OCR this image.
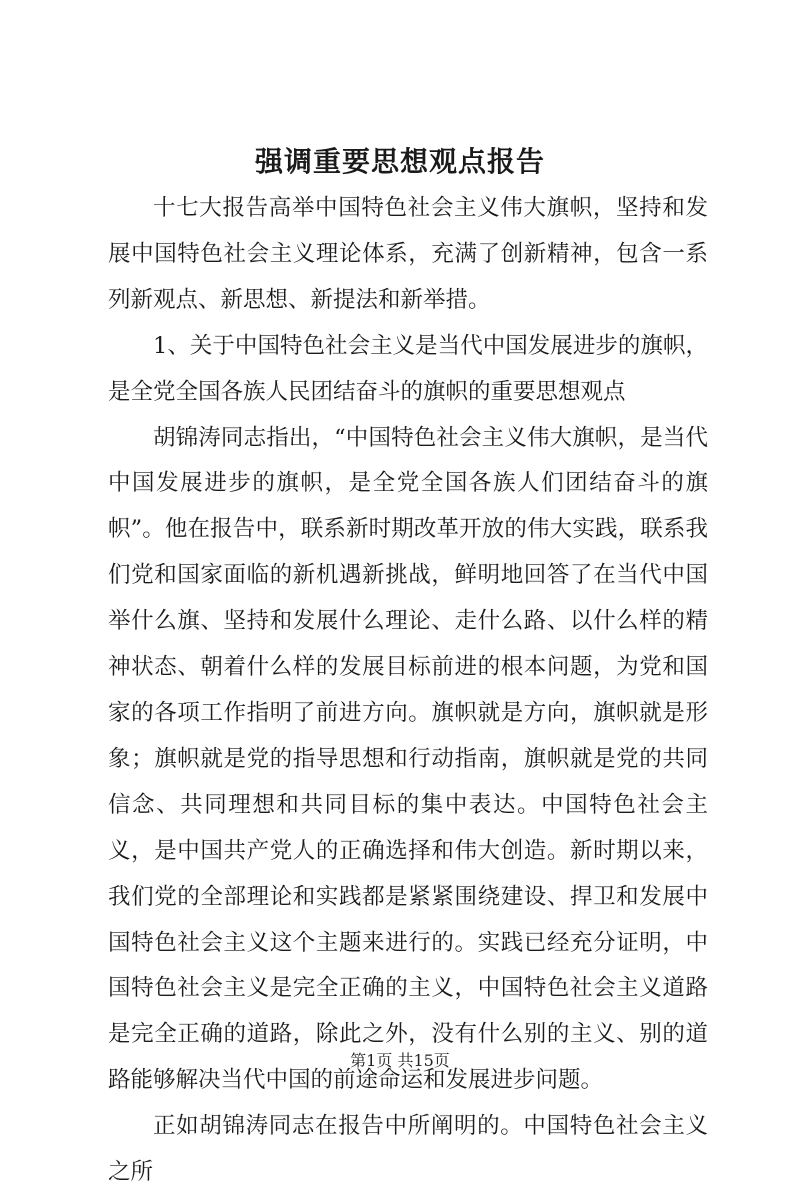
强调重要思想观点报告

十七大报告高举中国特色社会主义伟大旗帜，坚持和发展中国特色社会主义理论体系，充满了创新精神，包含一系列新观点、新思想、新提法和新举措。

1、关于中国特色社会主义是当代中国发展进步的旗帜，是全党全国各族人民团结奋斗的旗帜的重要思想观点

胡锦涛同志指出，“中国特色社会主义伟大旗帜，是当代中国发展进步的旗帜，是全党全国各族人们团结奋斗的旗帜”。他在报告中，联系新时期改革开放的伟大实践，联系我们党和国家面临的新机遇新挑战，鲜明地回答了在当代中国举什么旗、坚持和发展什么理论、走什么路、以什么样的精神状态、朝着什么样的发展目标前进的根本问题，为党和国家的各项工作指明了前进方向。旗帜就是方向，旗帜就是形象；旗帜就是党的指导思想和行动指南，旗帜就是党的共同信念、共同理想和共同目标的集中表达。中国特色社会主义，是中国共产党人的正确选择和伟大创造。新时期以来，我们党的全部理论和实践都是紧紧围绕建设、捍卫和发展中国特色社会主义这个主题来进行的。实践已经充分证明，中国特色社会主义是完全正确的主义，中国特色社会主义道路是完全正确的道路，除此之外，没有什么别的主义、别的道路能够解决当代中国的前途命运和发展进步问题。

正如胡锦涛同志在报告中所阐明的。中国特色社会主义之所

第1页 共15页
